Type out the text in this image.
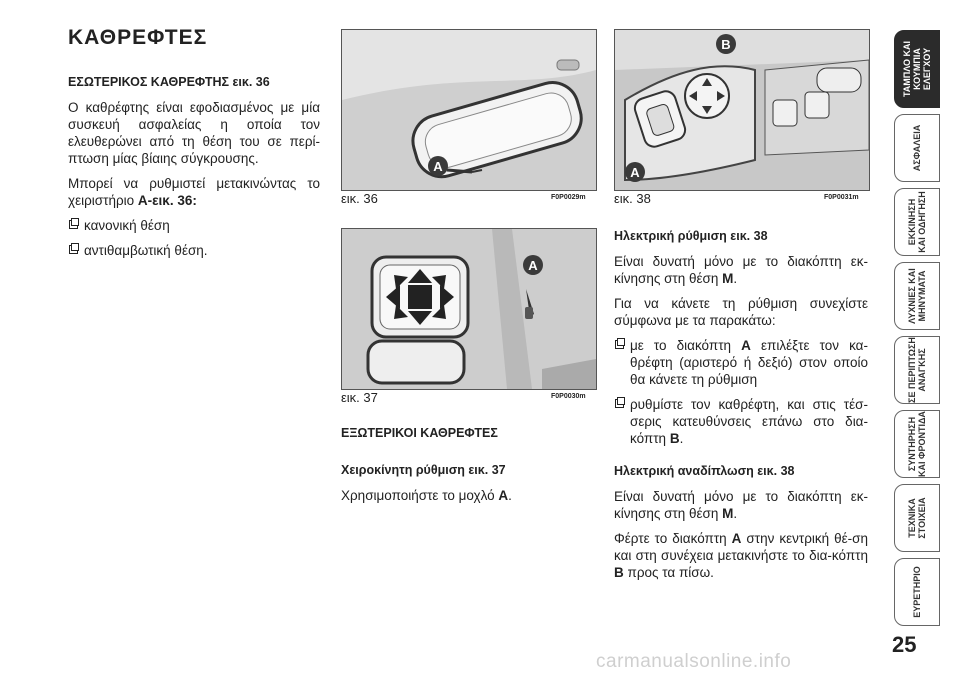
ΚΑΘΡΕΦΤΕΣ
ΕΣΩΤΕΡΙΚΟΣ ΚΑΘΡΕΦΤΗΣ εικ. 36

Ο καθρέφτης είναι εφοδιασμένος με μία συσκευή ασφαλείας η οποία τον ελευθερώνει από τη θέση του σε περί-πτωση μίας βίαιης σύγκρουσης.

Μπορεί να ρυθμιστεί μετακινώντας το χειριστήριο A-εικ. 36:

κανονική θέση
αντιθαμβωτική θέση.
A
εικ. 36	F0P0029m
A
εικ. 37	F0P0030m
ΕΞΩΤΕΡΙΚΟΙ ΚΑΘΡΕΦΤΕΣ
Χειροκίνητη ρύθμιση εικ. 37

Χρησιμοποιήστε το μοχλό A.

B
A
εικ. 38	F0P0031m
Ηλεκτρική ρύθμιση εικ. 38

Είναι δυνατή μόνο με το διακόπτη εκ-κίνησης στη θέση M.

Για να κάνετε τη ρύθμιση συνεχίστε σύμφωνα με τα παρακάτω:

με το διακόπτη A επιλέξτε τον κα-θρέφτη (αριστερό ή δεξιό) στον οποίο θα κάνετε τη ρύθμιση
ρυθμίστε τον καθρέφτη, και στις τέσ-σερις κατευθύνσεις επάνω στο δια-κόπτη B.
Ηλεκτρική αναδίπλωση εικ. 38

Είναι δυνατή μόνο με το διακόπτη εκ-κίνησης στη θέση M.

Φέρτε το διακόπτη A στην κεντρική θέ-ση και στη συνέχεια μετακινήστε το δια-κόπτη B προς τα πίσω.

ΤΑΜΠΛΟ ΚΑΙ
ΚΟΥΜΠΙΑ
ΕΛΕΓΧΟΥ
ΑΣΦΑΛΕΙΑ
ΕΚΚΙΝΗΣΗ
ΚΑΙ ΟΔΗΓΗΣΗ
ΛΥΧΝΙΕΣ ΚΑΙ
ΜΗΝΥΜΑΤΑ
ΣΕ ΠΕΡΙΠΤΩΣΗ
ΑΝΑΓΚΗΣ
ΣΥΝΤΗΡΗΣΗ
ΚΑΙ ΦΡΟΝΤΙΔΑ
ΤΕΧΝΙΚΑ
ΣΤΟΙΧΕΙΑ
ΕΥΡΕΤΗΡΙΟ
25
carmanualsonline.info
